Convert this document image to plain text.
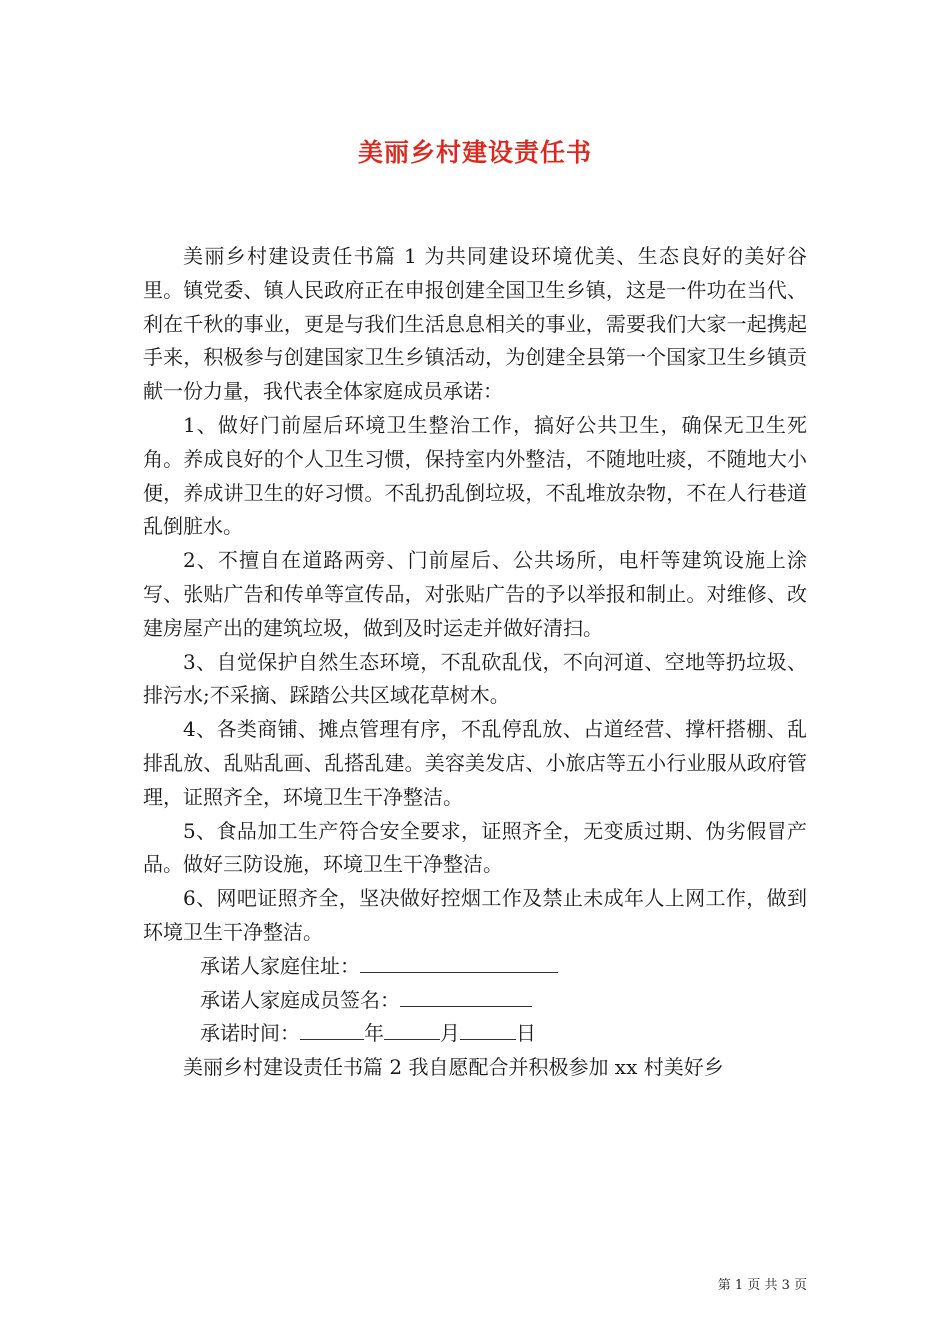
美丽乡村建设责任书

美丽乡村建设责任书篇 1 为共同建设环境优美、生态良好的美好谷里。镇党委、镇人民政府正在申报创建全国卫生乡镇，这是一件功在当代、利在千秋的事业，更是与我们生活息息相关的事业，需要我们大家一起携起手来，积极参与创建国家卫生乡镇活动，为创建全县第一个国家卫生乡镇贡献一份力量，我代表全体家庭成员承诺：

1、做好门前屋后环境卫生整治工作，搞好公共卫生，确保无卫生死角。养成良好的个人卫生习惯，保持室内外整洁，不随地吐痰，不随地大小便，养成讲卫生的好习惯。不乱扔乱倒垃圾，不乱堆放杂物，不在人行巷道乱倒脏水。

2、不擅自在道路两旁、门前屋后、公共场所，电杆等建筑设施上涂写、张贴广告和传单等宣传品，对张贴广告的予以举报和制止。对维修、改建房屋产出的建筑垃圾，做到及时运走并做好清扫。

3、自觉保护自然生态环境，不乱砍乱伐，不向河道、空地等扔垃圾、排污水;不采摘、踩踏公共区域花草树木。

4、各类商铺、摊点管理有序，不乱停乱放、占道经营、撑杆搭棚、乱排乱放、乱贴乱画、乱搭乱建。美容美发店、小旅店等五小行业服从政府管理，证照齐全，环境卫生干净整洁。

5、食品加工生产符合安全要求，证照齐全，无变质过期、伪劣假冒产品。做好三防设施，环境卫生干净整洁。

6、网吧证照齐全，坚决做好控烟工作及禁止未成年人上网工作，做到环境卫生干净整洁。

承诺人家庭住址：

承诺人家庭成员签名：

承诺时间：	年	月	日

美丽乡村建设责任书篇 2 我自愿配合并积极参加 xx 村美好乡

第 1 页 共 3 页
